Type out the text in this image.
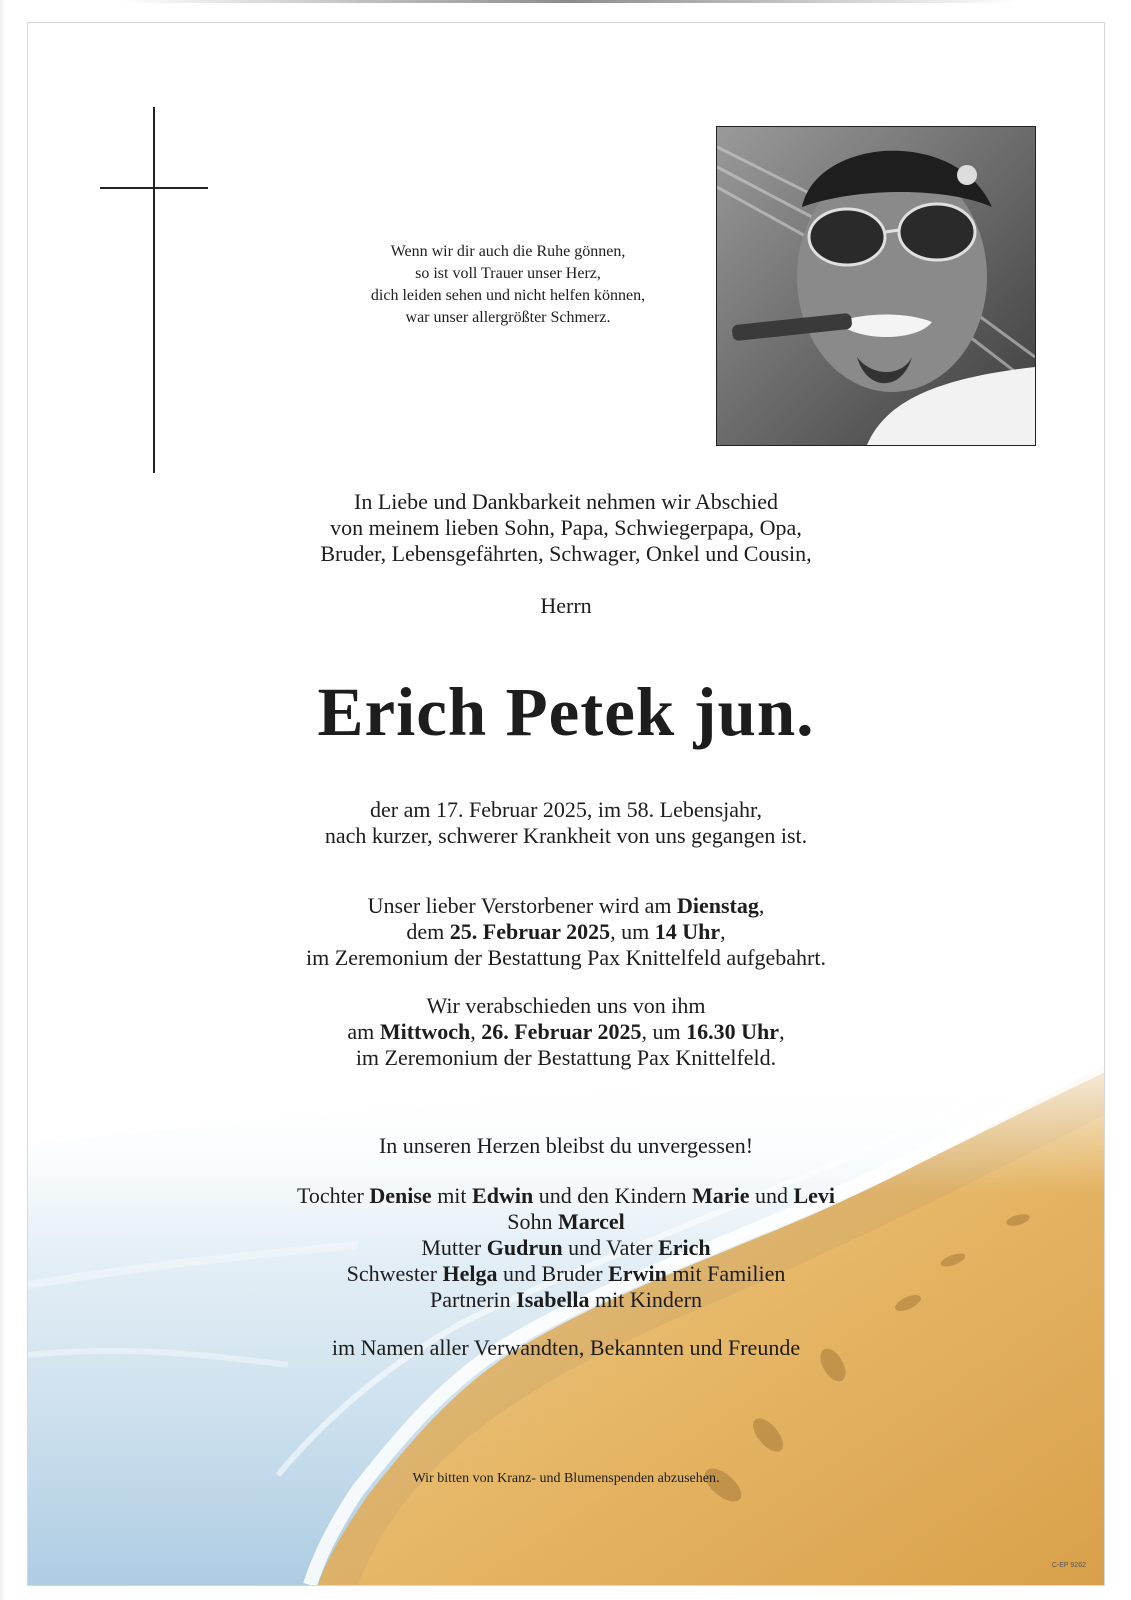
Wenn wir dir auch die Ruhe gönnen,
so ist voll Trauer unser Herz,
dich leiden sehen und nicht helfen können,
war unser allergrößter Schmerz.
In Liebe und Dankbarkeit nehmen wir Abschied
von meinem lieben Sohn, Papa, Schwiegerpapa, Opa,
Bruder, Lebensgefährten, Schwager, Onkel und Cousin,
Herrn
Erich Petek jun.
der am 17. Februar 2025, im 58. Lebensjahr,
nach kurzer, schwerer Krankheit von uns gegangen ist.
Unser lieber Verstorbener wird am Dienstag,
dem 25. Februar 2025, um 14 Uhr,
im Zeremonium der Bestattung Pax Knittelfeld aufgebahrt.
Wir verabschieden uns von ihm
am Mittwoch, 26. Februar 2025, um 16.30 Uhr,
im Zeremonium der Bestattung Pax Knittelfeld.
In unseren Herzen bleibst du unvergessen!
Tochter Denise mit Edwin und den Kindern Marie und Levi
Sohn Marcel
Mutter Gudrun und Vater Erich
Schwester Helga und Bruder Erwin mit Familien
Partnerin Isabella mit Kindern
im Namen aller Verwandten, Bekannten und Freunde
Wir bitten von Kranz- und Blumenspenden abzusehen.
C-EP 9262
